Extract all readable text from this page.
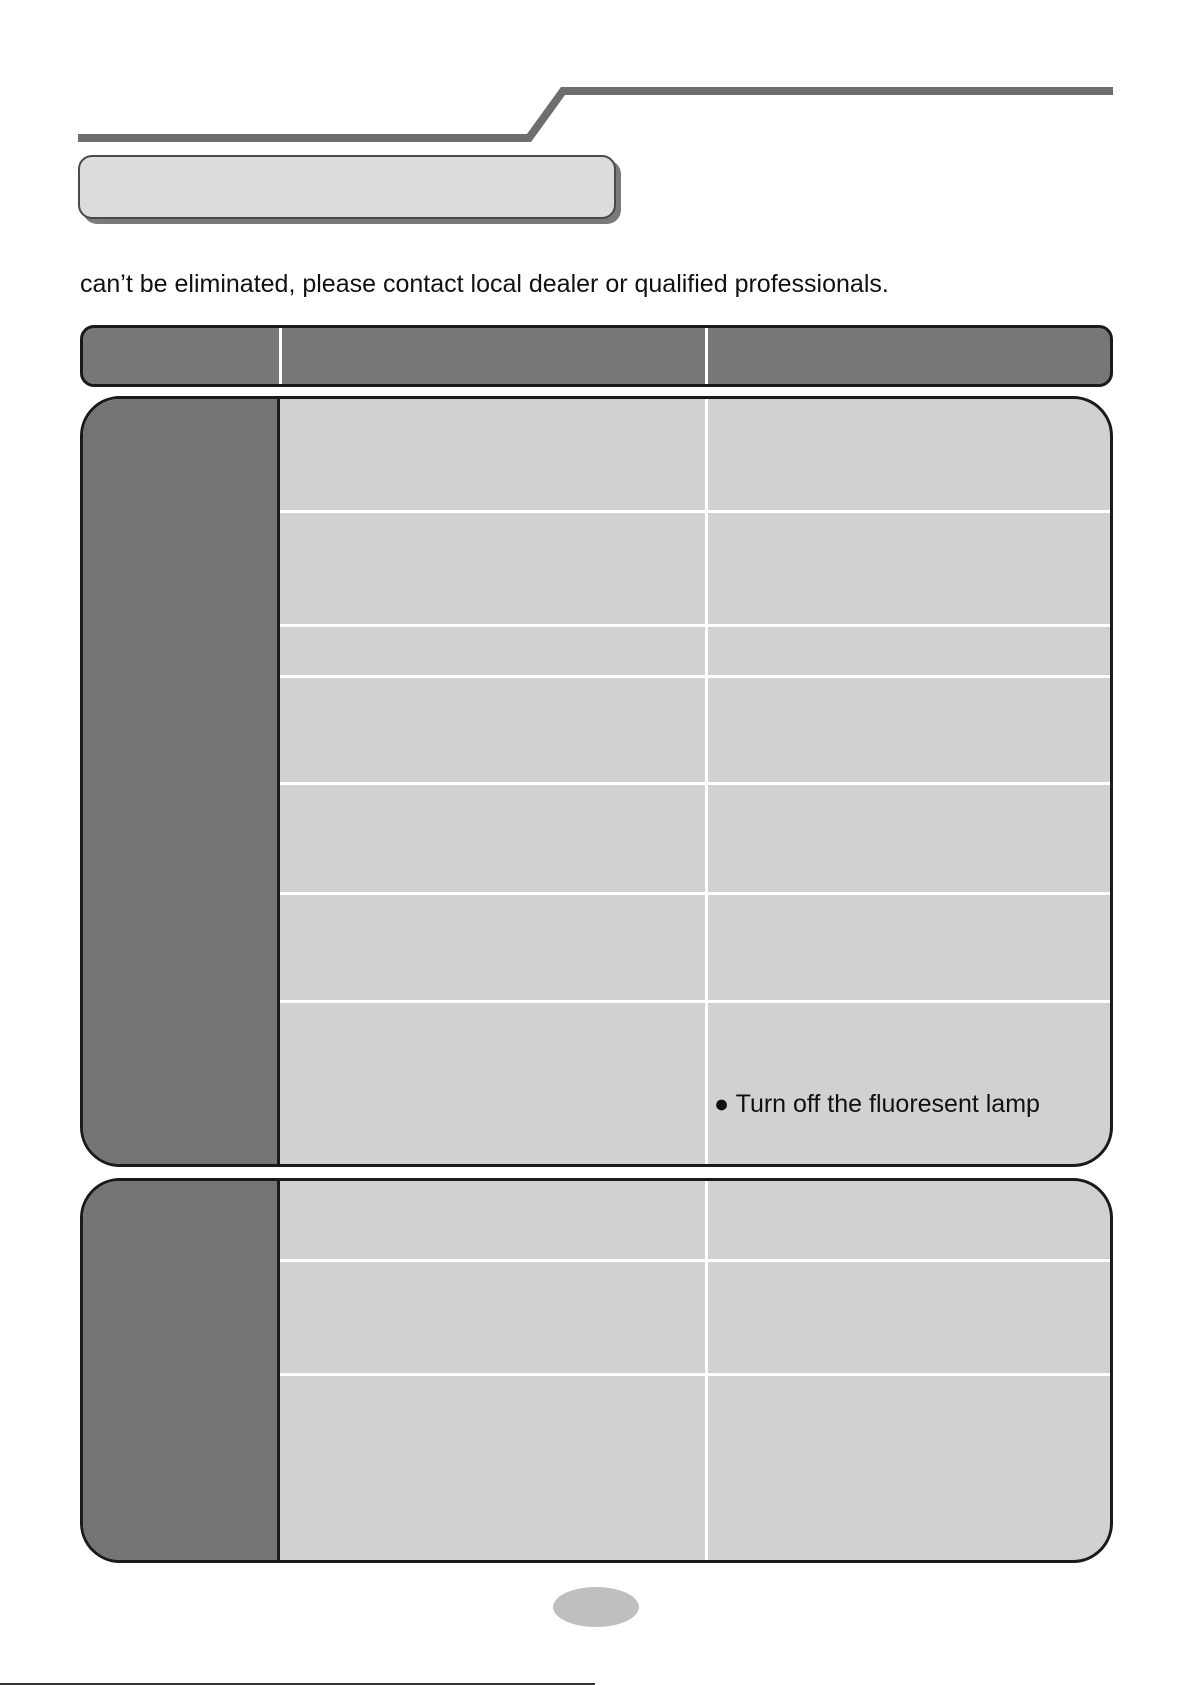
can’t be eliminated, please contact local dealer or qualified professionals.
● Turn off the fluoresent lamp
